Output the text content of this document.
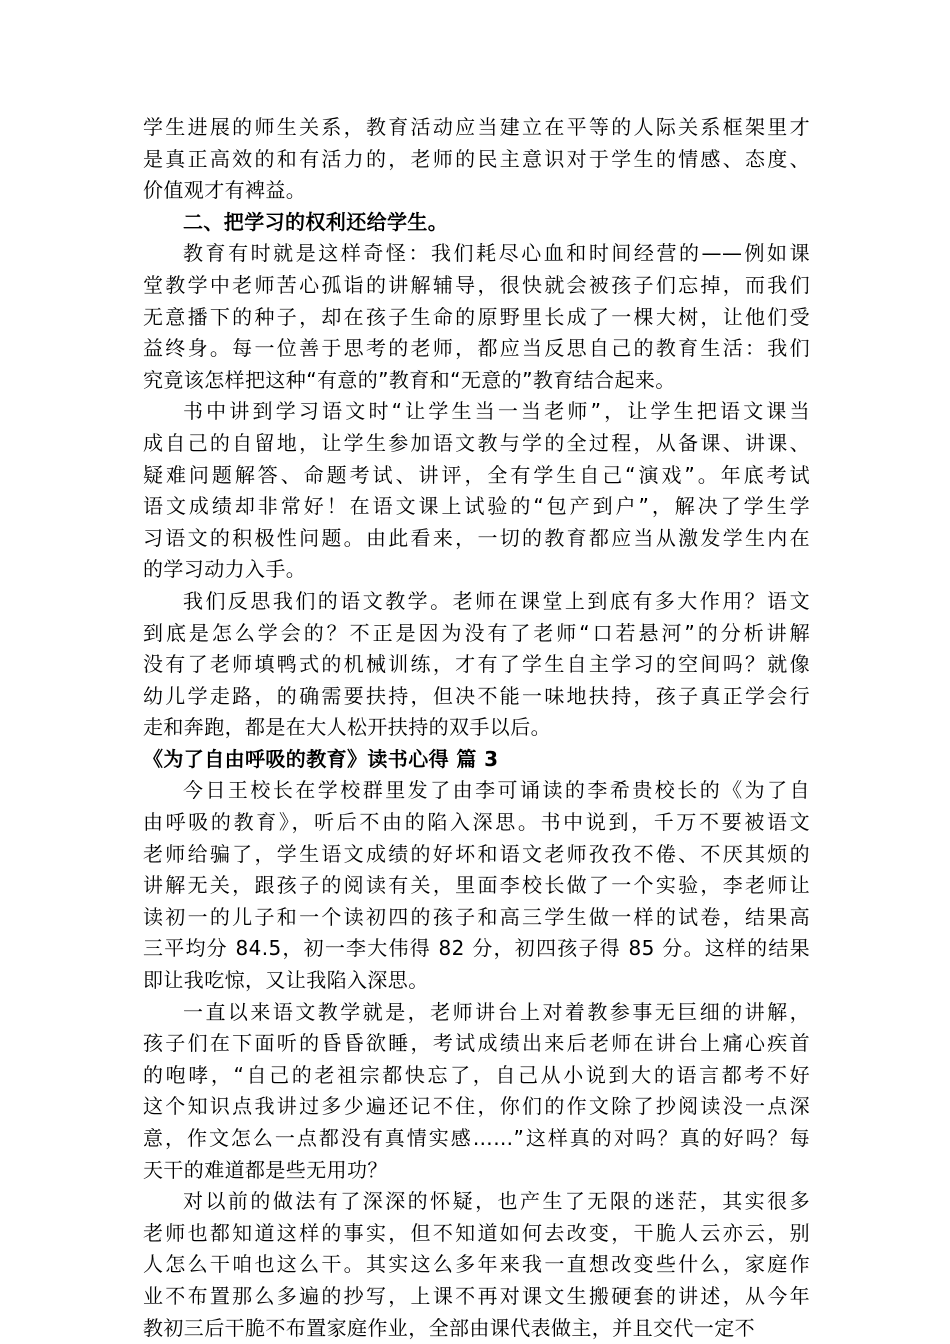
学生进展的师生关系，教育活动应当建立在平等的人际关系框架里才
是真正高效的和有活力的，老师的民主意识对于学生的情感、态度、
价值观才有裨益。
二、把学习的权利还给学生。
教育有时就是这样奇怪：我们耗尽心血和时间经营的——例如课
堂教学中老师苦心孤诣的讲解辅导，很快就会被孩子们忘掉，而我们
无意播下的种子，却在孩子生命的原野里长成了一棵大树，让他们受
益终身。每一位善于思考的老师，都应当反思自己的教育生活：我们
究竟该怎样把这种“有意的”教育和“无意的”教育结合起来。
书中讲到学习语文时“让学生当一当老师”，让学生把语文课当
成自己的自留地，让学生参加语文教与学的全过程，从备课、讲课、
疑难问题解答、命题考试、讲评，全有学生自己“演戏”。年底考试
语文成绩却非常好！在语文课上试验的“包产到户”，解决了学生学
习语文的积极性问题。由此看来，一切的教育都应当从激发学生内在
的学习动力入手。
我们反思我们的语文教学。老师在课堂上到底有多大作用？语文
到底是怎么学会的？不正是因为没有了老师“口若悬河”的分析讲解
没有了老师填鸭式的机械训练，才有了学生自主学习的空间吗？就像
幼儿学走路，的确需要扶持，但决不能一味地扶持，孩子真正学会行
走和奔跑，都是在大人松开扶持的双手以后。
《为了自由呼吸的教育》读书心得 篇 3
今日王校长在学校群里发了由李可诵读的李希贵校长的《为了自
由呼吸的教育》，听后不由的陷入深思。书中说到，千万不要被语文
老师给骗了，学生语文成绩的好坏和语文老师孜孜不倦、不厌其烦的
讲解无关，跟孩子的阅读有关，里面李校长做了一个实验，李老师让
读初一的儿子和一个读初四的孩子和高三学生做一样的试卷，结果高
三平均分 84.5，初一李大伟得 82 分，初四孩子得 85 分。这样的结果
即让我吃惊，又让我陷入深思。
一直以来语文教学就是，老师讲台上对着教参事无巨细的讲解，
孩子们在下面听的昏昏欲睡，考试成绩出来后老师在讲台上痛心疾首
的咆哮，“自己的老祖宗都快忘了，自己从小说到大的语言都考不好
这个知识点我讲过多少遍还记不住，你们的作文除了抄阅读没一点深
意，作文怎么一点都没有真情实感……”这样真的对吗？真的好吗？每
天干的难道都是些无用功？
对以前的做法有了深深的怀疑，也产生了无限的迷茫，其实很多
老师也都知道这样的事实，但不知道如何去改变，干脆人云亦云，别
人怎么干咱也这么干。其实这么多年来我一直想改变些什么，家庭作
业不布置那么多遍的抄写，上课不再对课文生搬硬套的讲述，从今年
教初三后干脆不布置家庭作业，全部由课代表做主，并且交代一定不
